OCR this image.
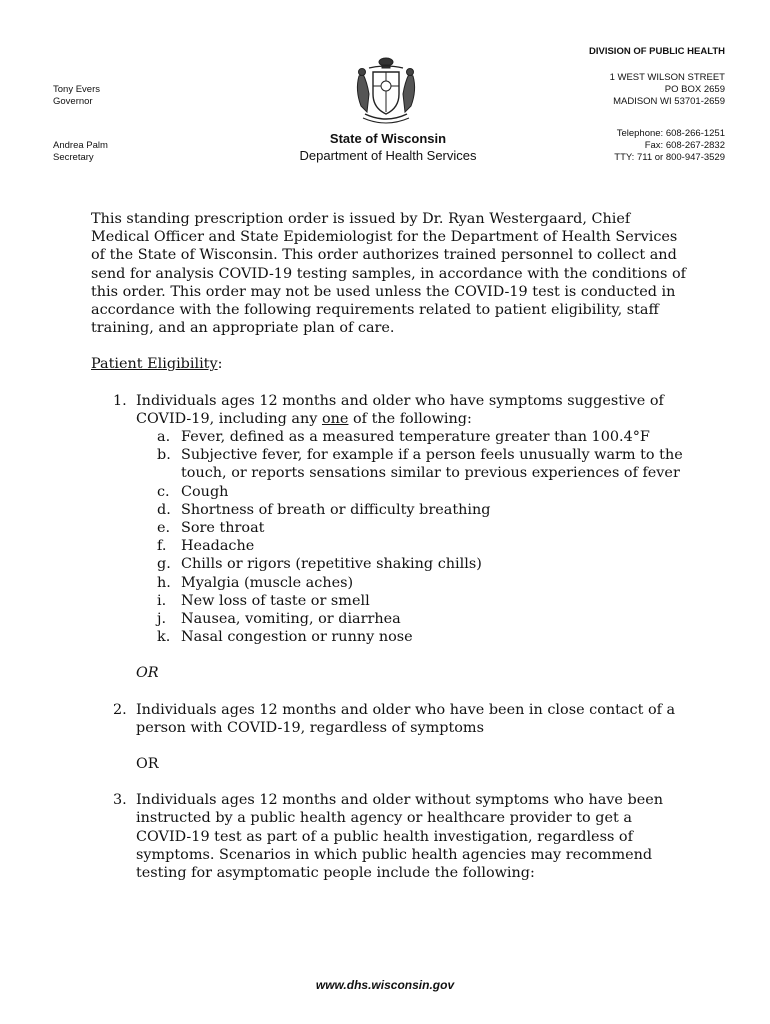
Tony Evers
Governor
Andrea Palm
Secretary
State of Wisconsin
Department of Health Services
DIVISION OF PUBLIC HEALTH
1 WEST WILSON STREET
PO BOX 2659
MADISON WI 53701-2659
Telephone: 608-266-1251
Fax: 608-267-2832
TTY: 711 or 800-947-3529

This standing prescription order is issued by Dr. Ryan Westergaard, Chief Medical Officer and State Epidemiologist for the Department of Health Services of the State of Wisconsin. This order authorizes trained personnel to collect and send for analysis COVID-19 testing samples, in accordance with the conditions of this order. This order may not be used unless the COVID-19 test is conducted in accordance with the following requirements related to patient eligibility, staff training, and an appropriate plan of care.

Patient Eligibility:

1. Individuals ages 12 months and older who have symptoms suggestive of COVID-19, including any one of the following:
a. Fever, defined as a measured temperature greater than 100.4°F
b. Subjective fever, for example if a person feels unusually warm to the touch, or reports sensations similar to previous experiences of fever
c. Cough
d. Shortness of breath or difficulty breathing
e. Sore throat
f. Headache
g. Chills or rigors (repetitive shaking chills)
h. Myalgia (muscle aches)
i. New loss of taste or smell
j. Nausea, vomiting, or diarrhea
k. Nasal congestion or runny nose

OR

2. Individuals ages 12 months and older who have been in close contact of a person with COVID-19, regardless of symptoms

OR

3. Individuals ages 12 months and older without symptoms who have been instructed by a public health agency or healthcare provider to get a COVID-19 test as part of a public health investigation, regardless of symptoms. Scenarios in which public health agencies may recommend testing for asymptomatic people include the following:
www.dhs.wisconsin.gov
